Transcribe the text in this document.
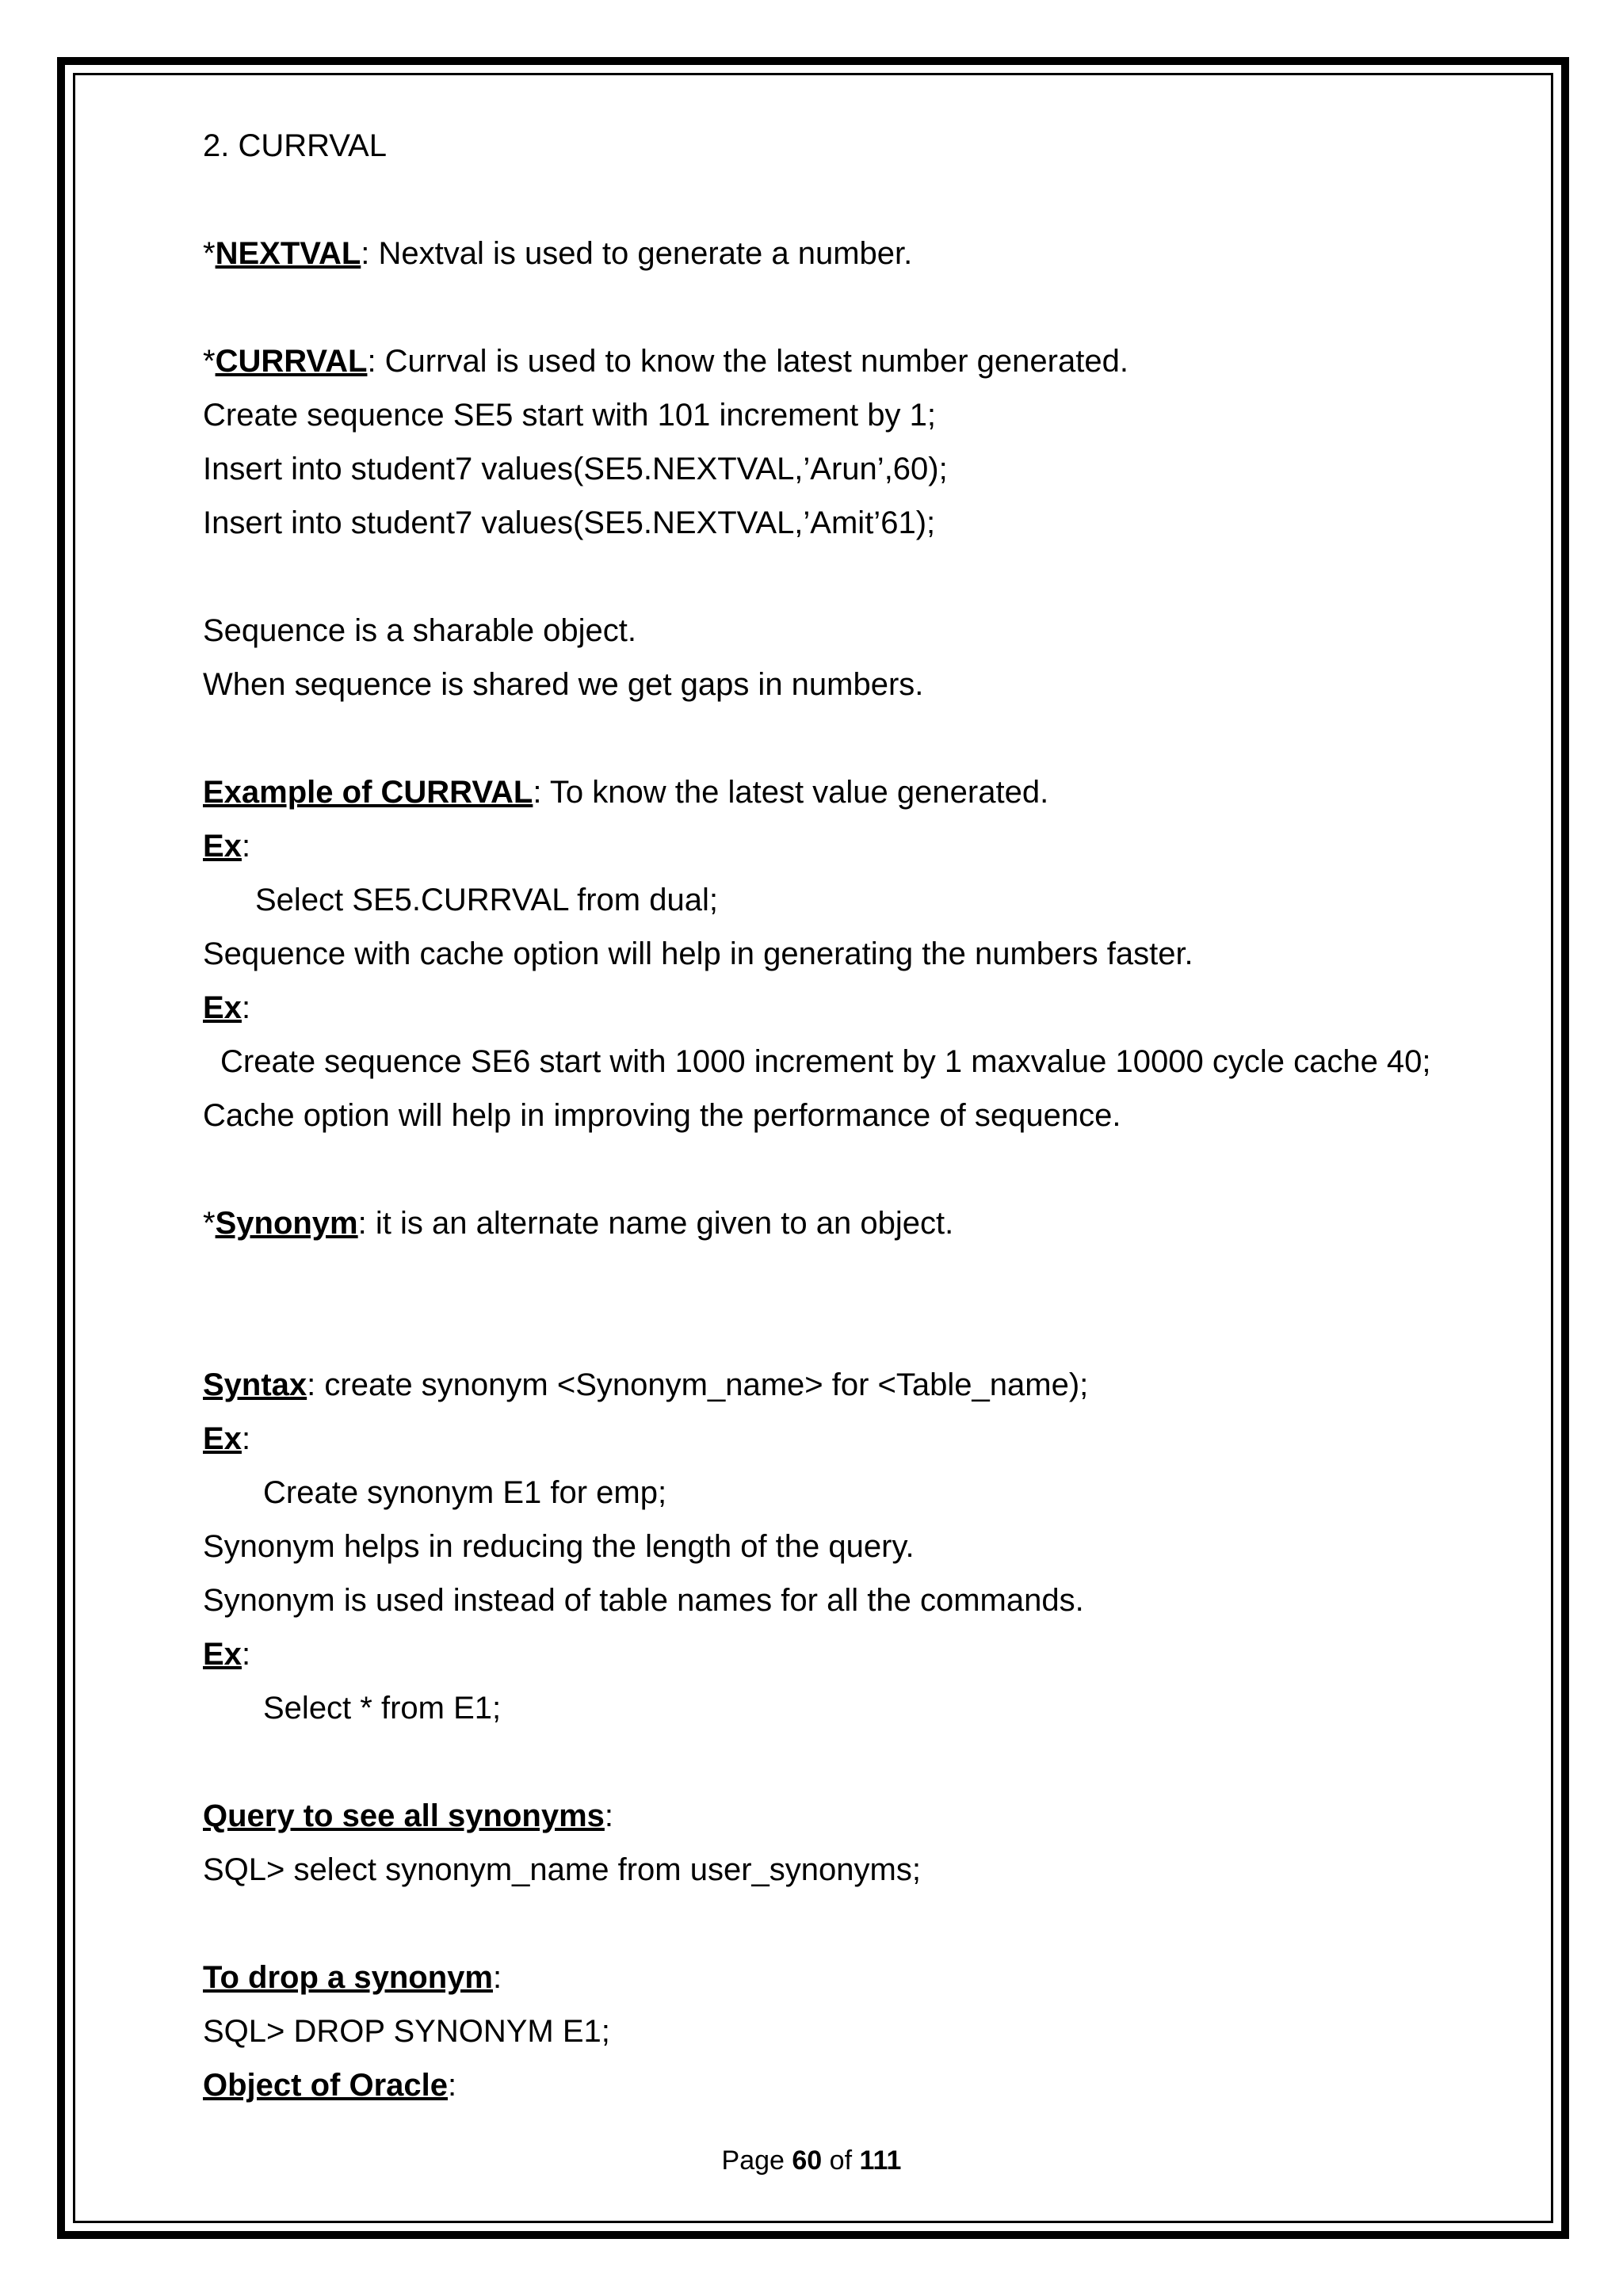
2. CURRVAL
*NEXTVAL: Nextval is used to generate a number.
*CURRVAL: Currval is used to know the latest number generated.
Create sequence SE5 start with 101 increment by 1;
Insert into student7 values(SE5.NEXTVAL,’Arun’,60);
Insert into student7 values(SE5.NEXTVAL,’Amit’61);
Sequence is a sharable object.
When sequence is shared we get gaps in numbers.
Example of CURRVAL: To know the latest value generated.
Ex:
Select SE5.CURRVAL from dual;
Sequence with cache option will help in generating the numbers faster.
Ex:
Create sequence SE6 start with 1000 increment by 1 maxvalue 10000 cycle cache 40;
Cache option will help in improving the performance of sequence.
*Synonym: it is an alternate name given to an object.
Syntax: create synonym <Synonym_name> for <Table_name);
Ex:
Create synonym E1 for emp;
Synonym helps in reducing the length of the query.
Synonym is used instead of table names for all the commands.
Ex:
Select * from E1;
Query to see all synonyms:
SQL> select synonym_name from user_synonyms;
To drop a synonym:
SQL> DROP SYNONYM E1;
Object of Oracle:
Page 60 of 111
